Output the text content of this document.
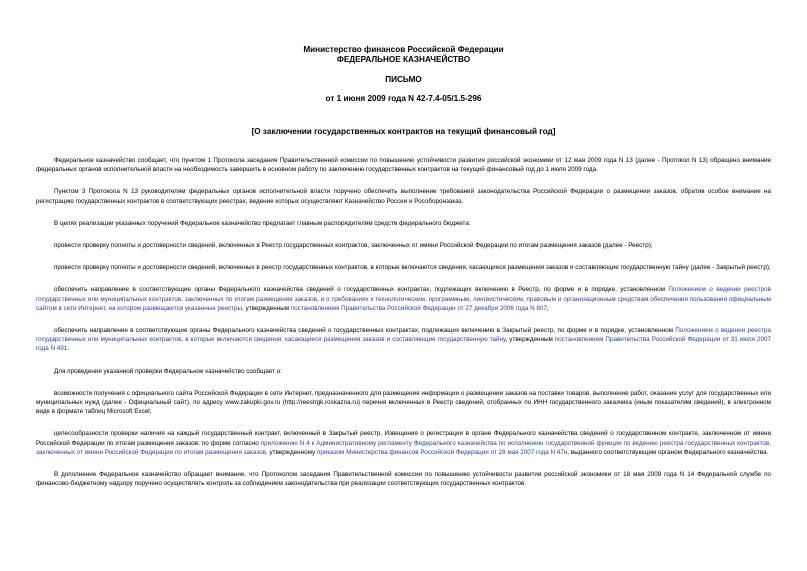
Министерство финансов Российской Федерации
ФЕДЕРАЛЬНОЕ КАЗНАЧЕЙСТВО
ПИСЬМО
от 1 июня 2009 года N 42-7.4-05/1.5-296
[О заключении государственных контрактов на текущий финансовый год]

Федеральное казначейство сообщает, что пунктом 1 Протокола заседания Правительственной комиссии по повышению устойчивости развития российской экономики от 12 мая 2009 года N 13 (далее - Протокол N 13) обращено внимание федеральных органов исполнительной власти на необходимость завершить в основном работу по заключению государственных контрактов на текущий финансовый год до 1 июля 2009 года.

Пунктом 3 Протокола N 13 руководителям федеральных органов исполнительной власти поручено обеспечить выполнение требований законодательства Российской Федерации о размещении заказов, обратив особое внимание на регистрацию государственных контрактов в соответствующих реестрах, ведение которых осуществляют Казначейство России и Рособоронзаказ.

В целях реализации указанных поручений Федеральное казначейство предлагает главным распорядителям средств федерального бюджета:

провести проверку полноты и достоверности сведений, включенных в Реестр государственных контрактов, заключенных от имени Российской Федерации по итогам размещения заказов (далее - Реестр);

провести проверку полноты и достоверности сведений, включенных в реестр государственных контрактов, в которые включаются сведения, касающиеся размещения заказов и составляющие государственную тайну (далее - Закрытый реестр);

обеспечить направление в соответствующие органы Федерального казначейства сведений о государственных контрактах, подлежащих включению в Реестр, по форме и в порядке, установленном Положением о ведении реестров государственных или муниципальных контрактов, заключенных по итогам размещения заказов, и о требованиях к технологическим, программным, лингвистическим, правовым и организационным средствам обеспечения пользования официальным сайтом в сети Интернет, на котором размещаются указанные реестры, утвержденным постановлением Правительства Российской Федерации от 27 декабря 2006 года N 807;

обеспечить направление в соответствующие органы Федерального казначейства сведений о государственных контрактах, подлежащих включению в Закрытый реестр, по форме и в порядке, установленном Положением о ведении реестра государственных или муниципальных контрактов, в которые включаются сведения, касающиеся размещения заказов и составляющие государственную тайну, утвержденным постановлением Правительства Российской Федерации от 31 июля 2007 года N 491.

Для проведения указанной проверки Федеральное казначейство сообщает о:

возможности получения с официального сайта Российской Федерации в сети Интернет, предназначенного для размещения информации о размещении заказов на поставки товаров, выполнение работ, оказание услуг для государственных или муниципальных нужд (далее - Официальный сайт), по адресу www.zakupki.gov.ru (http://reestrgk.roskazna.ru) перечня включенных в Реестр сведений, отобранных по ИНН государственного заказчика (иным показателям сведений), в электронном виде в формате таблиц Microsoft Excel;

целесообразности проверки наличия на каждый государственный контракт, включенный в Закрытый реестр, Извещения о регистрации в органе Федерального казначейства сведений о государственном контракте, заключенном от имени Российской Федерации по итогам размещения заказов, по форме согласно приложению N 4 к Административному регламенту Федерального казначейства по исполнению государственной функции по ведению реестра государственных контрактов, заключенных от имени Российской Федерации по итогам размещения заказов, утвержденному приказом Министерства финансов Российской Федерации от 28 мая 2007 года N 47н, выданного соответствующим органом Федерального казначейства.

В дополнение Федеральное казначейство обращает внимание, что Протоколом заседания Правительственной комиссии по повышению устойчивости развития российской экономики от 18 мая 2009 года N 14 Федеральной службе по финансово-бюджетному надзору поручено осуществлять контроль за соблюдением законодательства при реализации соответствующих государственных контрактов.
